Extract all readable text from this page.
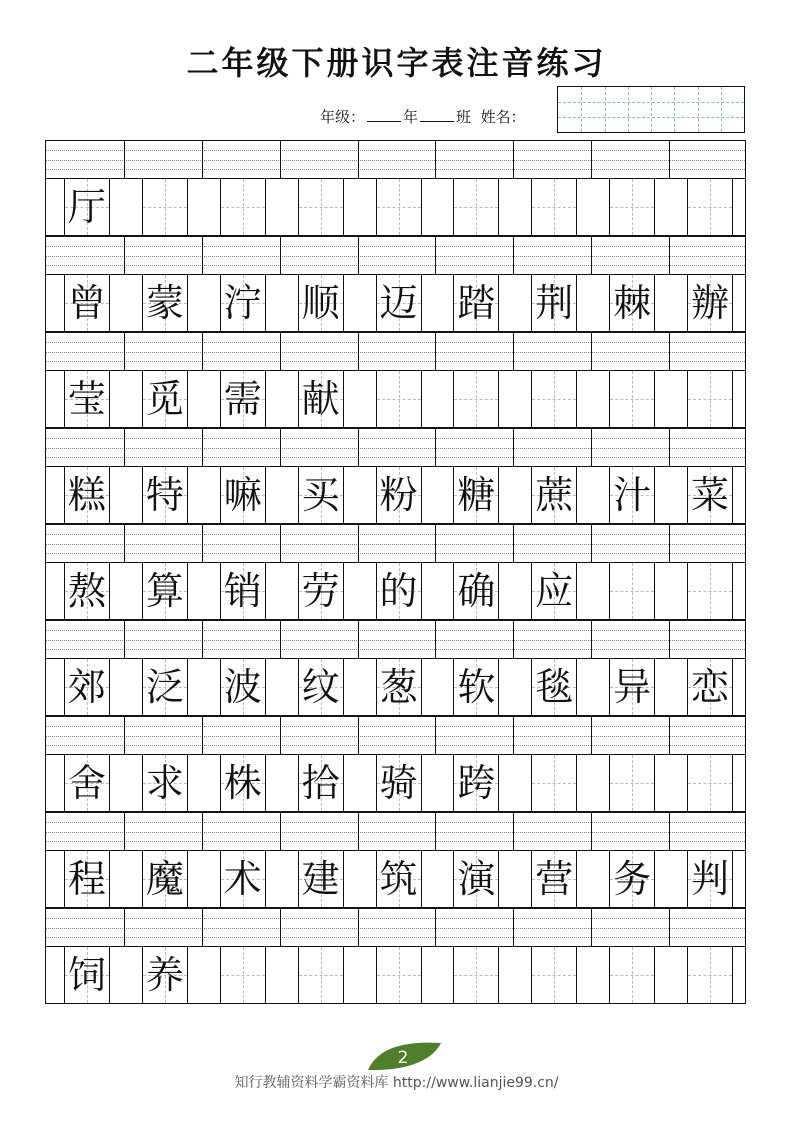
二年级下册识字表注音练习
年级：	年	班 姓名：
厅
曾 蒙 泞 顺 迈 踏 荆 棘 辦
莹 觅 需 献
糕 特 嘛 买 粉 糖 蔗 汁 菜
熬 算 销 劳 的 确 应
郊 泛 波 纹 葱 软 毯 异 恋
舍 求 株 拾 骑 跨
程 魔 术 建 筑 演 营 务 判
饲 养
2
知行教辅资料学霸资料库 http://www.lianjie99.cn/
